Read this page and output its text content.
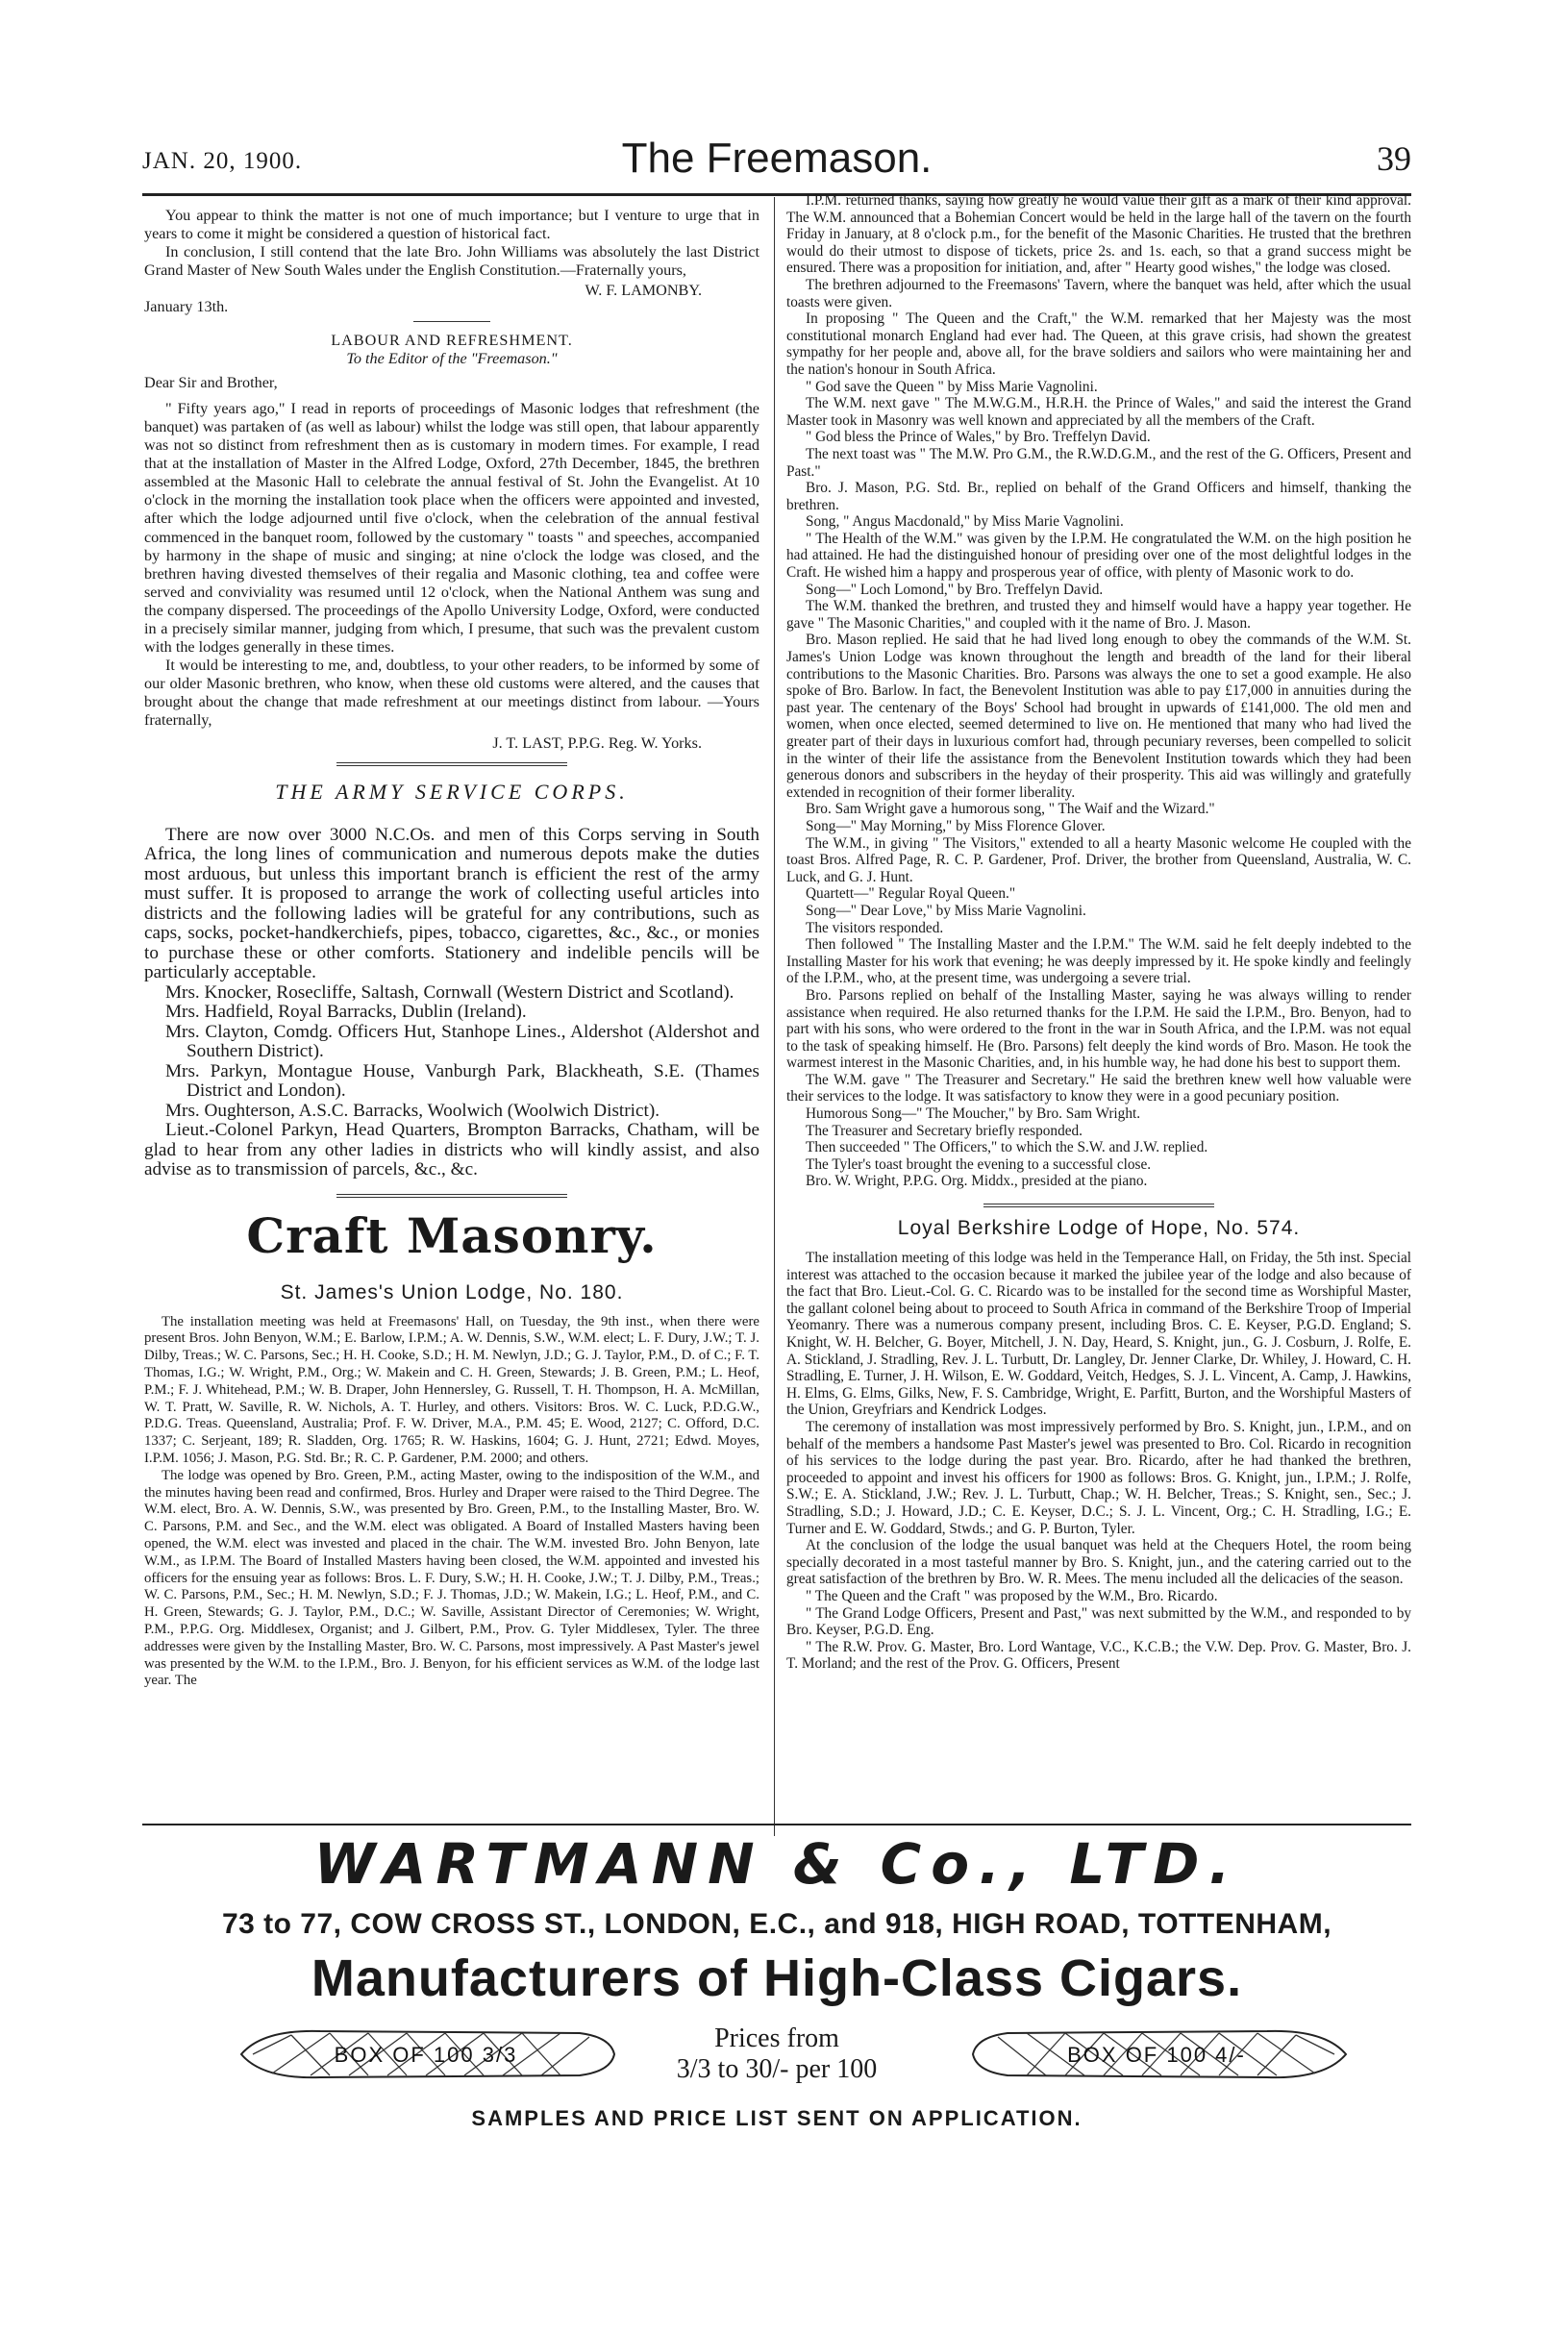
JAN. 20, 1900.	The Freemason.	39

You appear to think the matter is not one of much importance; but I venture to urge that in years to come it might be considered a question of historical fact.

In conclusion, I still contend that the late Bro. John Williams was absolutely the last District Grand Master of New South Wales under the English Constitution.—Fraternally yours,

W. F. LAMONBY.

January 13th.

LABOUR AND REFRESHMENT.

To the Editor of the "Freemason."

Dear Sir and Brother,

" Fifty years ago," I read in reports of proceedings of Masonic lodges that refreshment (the banquet) was partaken of (as well as labour) whilst the lodge was still open, that labour apparently was not so distinct from refreshment then as is customary in modern times. For example, I read that at the installation of Master in the Alfred Lodge, Oxford, 27th December, 1845, the brethren assembled at the Masonic Hall to celebrate the annual festival of St. John the Evangelist. At 10 o'clock in the morning the installation took place when the officers were appointed and invested, after which the lodge adjourned until five o'clock, when the celebration of the annual festival commenced in the banquet room, followed by the customary " toasts " and speeches, accompanied by harmony in the shape of music and singing; at nine o'clock the lodge was closed, and the brethren having divested themselves of their regalia and Masonic clothing, tea and coffee were served and conviviality was resumed until 12 o'clock, when the National Anthem was sung and the company dispersed. The proceedings of the Apollo University Lodge, Oxford, were conducted in a precisely similar manner, judging from which, I presume, that such was the prevalent custom with the lodges generally in these times.

It would be interesting to me, and, doubtless, to your other readers, to be informed by some of our older Masonic brethren, who know, when these old customs were altered, and the causes that brought about the change that made refreshment at our meetings distinct from labour. —Yours fraternally,

J. T. LAST, P.P.G. Reg. W. Yorks.

THE ARMY SERVICE CORPS.

There are now over 3000 N.C.Os. and men of this Corps serving in South Africa, the long lines of communication and numerous depots make the duties most arduous, but unless this important branch is efficient the rest of the army must suffer. It is proposed to arrange the work of collecting useful articles into districts and the following ladies will be grateful for any contributions, such as caps, socks, pocket-handkerchiefs, pipes, tobacco, cigarettes, &c., &c., or monies to purchase these or other comforts. Stationery and indelible pencils will be particularly acceptable.

Mrs. Knocker, Rosecliffe, Saltash, Cornwall (Western District and Scotland).

Mrs. Hadfield, Royal Barracks, Dublin (Ireland).

Mrs. Clayton, Comdg. Officers Hut, Stanhope Lines., Aldershot (Aldershot and Southern District).

Mrs. Parkyn, Montague House, Vanburgh Park, Blackheath, S.E. (Thames District and London).

Mrs. Oughterson, A.S.C. Barracks, Woolwich (Woolwich District).

Lieut.-Colonel Parkyn, Head Quarters, Brompton Barracks, Chatham, will be glad to hear from any other ladies in districts who will kindly assist, and also advise as to transmission of parcels, &c., &c.

Craft Masonry.
St. James's Union Lodge, No. 180.

The installation meeting was held at Freemasons' Hall, on Tuesday, the 9th inst., when there were present Bros. John Benyon, W.M.; E. Barlow, I.P.M.; A. W. Dennis, S.W., W.M. elect; L. F. Dury, J.W.; T. J. Dilby, Treas.; W. C. Parsons, Sec.; H. H. Cooke, S.D.; H. M. Newlyn, J.D.; G. J. Taylor, P.M., D. of C.; F. T. Thomas, I.G.; W. Wright, P.M., Org.; W. Makein and C. H. Green, Stewards; J. B. Green, P.M.; L. Heof, P.M.; F. J. Whitehead, P.M.; W. B. Draper, John Hennersley, G. Russell, T. H. Thompson, H. A. McMillan, W. T. Pratt, W. Saville, R. W. Nichols, A. T. Hurley, and others. Visitors: Bros. W. C. Luck, P.D.G.W., P.D.G. Treas. Queensland, Australia; Prof. F. W. Driver, M.A., P.M. 45; E. Wood, 2127; C. Offord, D.C. 1337; C. Serjeant, 189; R. Sladden, Org. 1765; R. W. Haskins, 1604; G. J. Hunt, 2721; Edwd. Moyes, I.P.M. 1056; J. Mason, P.G. Std. Br.; R. C. P. Gardener, P.M. 2000; and others.

The lodge was opened by Bro. Green, P.M., acting Master, owing to the indisposition of the W.M., and the minutes having been read and confirmed, Bros. Hurley and Draper were raised to the Third Degree. The W.M. elect, Bro. A. W. Dennis, S.W., was presented by Bro. Green, P.M., to the Installing Master, Bro. W. C. Parsons, P.M. and Sec., and the W.M. elect was obligated. A Board of Installed Masters having been opened, the W.M. elect was invested and placed in the chair. The W.M. invested Bro. John Benyon, late W.M., as I.P.M. The Board of Installed Masters having been closed, the W.M. appointed and invested his officers for the ensuing year as follows: Bros. L. F. Dury, S.W.; H. H. Cooke, J.W.; T. J. Dilby, P.M., Treas.; W. C. Parsons, P.M., Sec.; H. M. Newlyn, S.D.; F. J. Thomas, J.D.; W. Makein, I.G.; L. Heof, P.M., and C. H. Green, Stewards; G. J. Taylor, P.M., D.C.; W. Saville, Assistant Director of Ceremonies; W. Wright, P.M., P.P.G. Org. Middlesex, Organist; and J. Gilbert, P.M., Prov. G. Tyler Middlesex, Tyler. The three addresses were given by the Installing Master, Bro. W. C. Parsons, most impressively. A Past Master's jewel was presented by the W.M. to the I.P.M., Bro. J. Benyon, for his efficient services as W.M. of the lodge last year. The

I.P.M. returned thanks, saying how greatly he would value their gift as a mark of their kind approval. The W.M. announced that a Bohemian Concert would be held in the large hall of the tavern on the fourth Friday in January, at 8 o'clock p.m., for the benefit of the Masonic Charities. He trusted that the brethren would do their utmost to dispose of tickets, price 2s. and 1s. each, so that a grand success might be ensured. There was a proposition for initiation, and, after " Hearty good wishes," the lodge was closed.

The brethren adjourned to the Freemasons' Tavern, where the banquet was held, after which the usual toasts were given.

In proposing " The Queen and the Craft," the W.M. remarked that her Majesty was the most constitutional monarch England had ever had. The Queen, at this grave crisis, had shown the greatest sympathy for her people and, above all, for the brave soldiers and sailors who were maintaining her and the nation's honour in South Africa.

" God save the Queen " by Miss Marie Vagnolini.

The W.M. next gave " The M.W.G.M., H.R.H. the Prince of Wales," and said the interest the Grand Master took in Masonry was well known and appreciated by all the members of the Craft.

" God bless the Prince of Wales," by Bro. Treffelyn David.

The next toast was " The M.W. Pro G.M., the R.W.D.G.M., and the rest of the G. Officers, Present and Past."

Bro. J. Mason, P.G. Std. Br., replied on behalf of the Grand Officers and himself, thanking the brethren.

Song, " Angus Macdonald," by Miss Marie Vagnolini.

" The Health of the W.M." was given by the I.P.M. He congratulated the W.M. on the high position he had attained. He had the distinguished honour of presiding over one of the most delightful lodges in the Craft. He wished him a happy and prosperous year of office, with plenty of Masonic work to do.

Song—" Loch Lomond," by Bro. Treffelyn David.

The W.M. thanked the brethren, and trusted they and himself would have a happy year together. He gave " The Masonic Charities," and coupled with it the name of Bro. J. Mason.

Bro. Mason replied. He said that he had lived long enough to obey the commands of the W.M. St. James's Union Lodge was known throughout the length and breadth of the land for their liberal contributions to the Masonic Charities. Bro. Parsons was always the one to set a good example. He also spoke of Bro. Barlow. In fact, the Benevolent Institution was able to pay £17,000 in annuities during the past year. The centenary of the Boys' School had brought in upwards of £141,000. The old men and women, when once elected, seemed determined to live on. He mentioned that many who had lived the greater part of their days in luxurious comfort had, through pecuniary reverses, been compelled to solicit in the winter of their life the assistance from the Benevolent Institution towards which they had been generous donors and subscribers in the heyday of their prosperity. This aid was willingly and gratefully extended in recognition of their former liberality.

Bro. Sam Wright gave a humorous song, " The Waif and the Wizard."

Song—" May Morning," by Miss Florence Glover.

The W.M., in giving " The Visitors," extended to all a hearty Masonic welcome He coupled with the toast Bros. Alfred Page, R. C. P. Gardener, Prof. Driver, the brother from Queensland, Australia, W. C. Luck, and G. J. Hunt.

Quartett—" Regular Royal Queen."

Song—" Dear Love," by Miss Marie Vagnolini.

The visitors responded.

Then followed " The Installing Master and the I.P.M." The W.M. said he felt deeply indebted to the Installing Master for his work that evening; he was deeply impressed by it. He spoke kindly and feelingly of the I.P.M., who, at the present time, was undergoing a severe trial.

Bro. Parsons replied on behalf of the Installing Master, saying he was always willing to render assistance when required. He also returned thanks for the I.P.M. He said the I.P.M., Bro. Benyon, had to part with his sons, who were ordered to the front in the war in South Africa, and the I.P.M. was not equal to the task of speaking himself. He (Bro. Parsons) felt deeply the kind words of Bro. Mason. He took the warmest interest in the Masonic Charities, and, in his humble way, he had done his best to support them.

The W.M. gave " The Treasurer and Secretary." He said the brethren knew well how valuable were their services to the lodge. It was satisfactory to know they were in a good pecuniary position.

Humorous Song—" The Moucher," by Bro. Sam Wright.

The Treasurer and Secretary briefly responded.

Then succeeded " The Officers," to which the S.W. and J.W. replied.

The Tyler's toast brought the evening to a successful close.

Bro. W. Wright, P.P.G. Org. Middx., presided at the piano.

Loyal Berkshire Lodge of Hope, No. 574.

The installation meeting of this lodge was held in the Temperance Hall, on Friday, the 5th inst. Special interest was attached to the occasion because it marked the jubilee year of the lodge and also because of the fact that Bro. Lieut.-Col. G. C. Ricardo was to be installed for the second time as Worshipful Master, the gallant colonel being about to proceed to South Africa in command of the Berkshire Troop of Imperial Yeomanry. There was a numerous company present, including Bros. C. E. Keyser, P.G.D. England; S. Knight, W. H. Belcher, G. Boyer, Mitchell, J. N. Day, Heard, S. Knight, jun., G. J. Cosburn, J. Rolfe, E. A. Stickland, J. Stradling, Rev. J. L. Turbutt, Dr. Langley, Dr. Jenner Clarke, Dr. Whiley, J. Howard, C. H. Stradling, E. Turner, J. H. Wilson, E. W. Goddard, Veitch, Hedges, S. J. L. Vincent, A. Camp, J. Hawkins, H. Elms, G. Elms, Gilks, New, F. S. Cambridge, Wright, E. Parfitt, Burton, and the Worshipful Masters of the Union, Greyfriars and Kendrick Lodges.

The ceremony of installation was most impressively performed by Bro. S. Knight, jun., I.P.M., and on behalf of the members a handsome Past Master's jewel was presented to Bro. Col. Ricardo in recognition of his services to the lodge during the past year. Bro. Ricardo, after he had thanked the brethren, proceeded to appoint and invest his officers for 1900 as follows: Bros. G. Knight, jun., I.P.M.; J. Rolfe, S.W.; E. A. Stickland, J.W.; Rev. J. L. Turbutt, Chap.; W. H. Belcher, Treas.; S. Knight, sen., Sec.; J. Stradling, S.D.; J. Howard, J.D.; C. E. Keyser, D.C.; S. J. L. Vincent, Org.; C. H. Stradling, I.G.; E. Turner and E. W. Goddard, Stwds.; and G. P. Burton, Tyler.

At the conclusion of the lodge the usual banquet was held at the Chequers Hotel, the room being specially decorated in a most tasteful manner by Bro. S. Knight, jun., and the catering carried out to the great satisfaction of the brethren by Bro. W. R. Mees. The menu included all the delicacies of the season.

" The Queen and the Craft " was proposed by the W.M., Bro. Ricardo.

" The Grand Lodge Officers, Present and Past," was next submitted by the W.M., and responded to by Bro. Keyser, P.G.D. Eng.

" The R.W. Prov. G. Master, Bro. Lord Wantage, V.C., K.C.B.; the V.W. Dep. Prov. G. Master, Bro. J. T. Morland; and the rest of the Prov. G. Officers, Present

WARTMANN & Co., LTD.
73 to 77, COW CROSS ST., LONDON, E.C., and 918, HIGH ROAD, TOTTENHAM,
Manufacturers of High-Class Cigars.
BOX OF 100 3/3
Prices from
3/3 to 30/- per 100	BOX OF 100 4/-
SAMPLES AND PRICE LIST SENT ON APPLICATION.
